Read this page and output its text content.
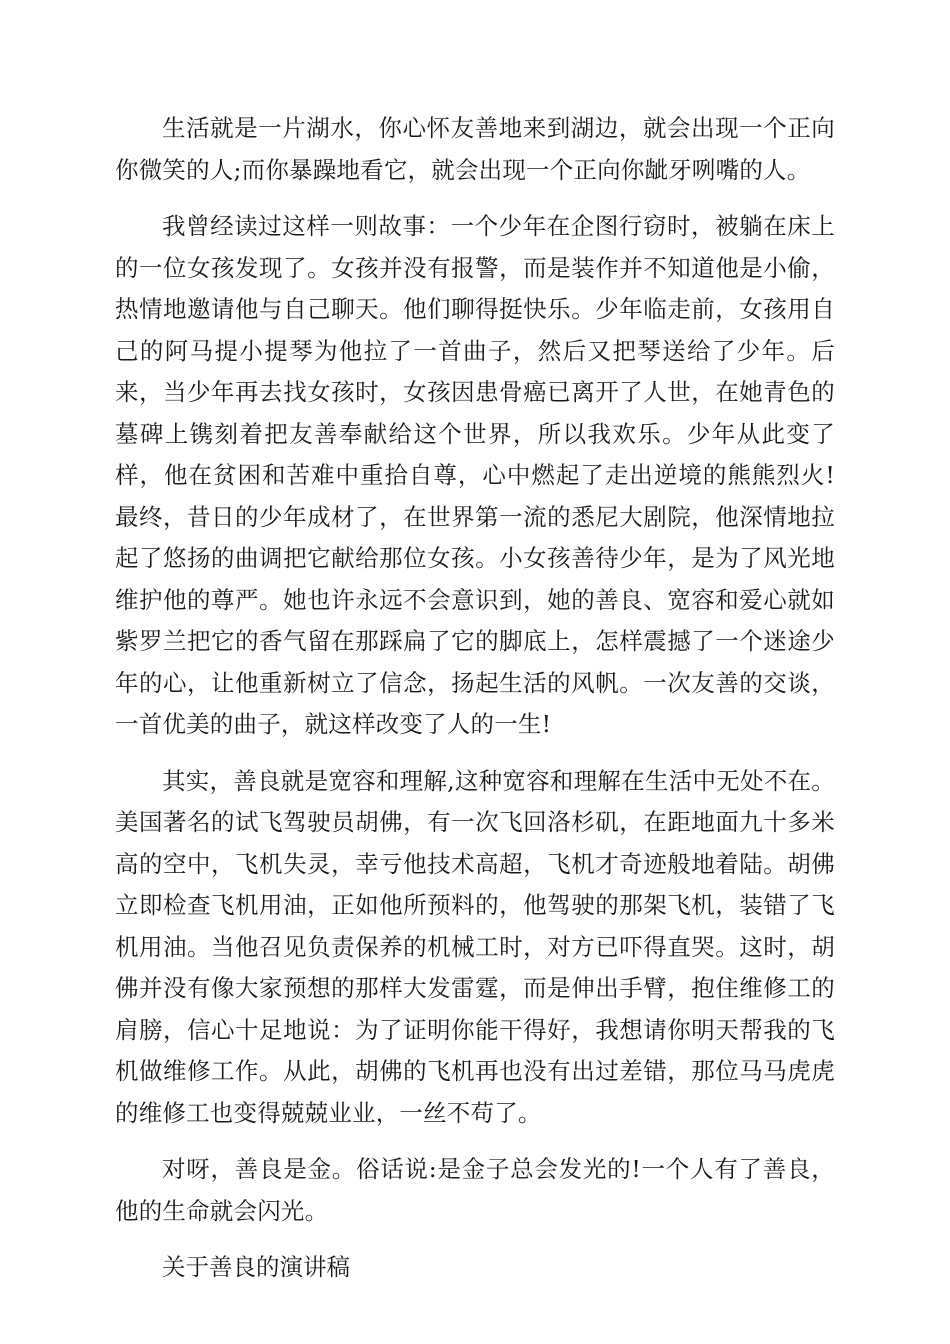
生活就是一片湖水，你心怀友善地来到湖边，就会出现一个正向你微笑的人;而你暴躁地看它，就会出现一个正向你龇牙咧嘴的人。

我曾经读过这样一则故事：一个少年在企图行窃时，被躺在床上的一位女孩发现了。女孩并没有报警，而是装作并不知道他是小偷，热情地邀请他与自己聊天。他们聊得挺快乐。少年临走前，女孩用自己的阿马提小提琴为他拉了一首曲子，然后又把琴送给了少年。后来，当少年再去找女孩时，女孩因患骨癌已离开了人世，在她青色的墓碑上镌刻着把友善奉献给这个世界，所以我欢乐。少年从此变了样，他在贫困和苦难中重拾自尊，心中燃起了走出逆境的熊熊烈火!最终，昔日的少年成材了，在世界第一流的悉尼大剧院，他深情地拉起了悠扬的曲调把它献给那位女孩。小女孩善待少年，是为了风光地维护他的尊严。她也许永远不会意识到，她的善良、宽容和爱心就如紫罗兰把它的香气留在那踩扁了它的脚底上，怎样震撼了一个迷途少年的心，让他重新树立了信念，扬起生活的风帆。一次友善的交谈，一首优美的曲子，就这样改变了人的一生!

其实，善良就是宽容和理解,这种宽容和理解在生活中无处不在。美国著名的试飞驾驶员胡佛，有一次飞回洛杉矶，在距地面九十多米高的空中，飞机失灵，幸亏他技术高超，飞机才奇迹般地着陆。胡佛立即检查飞机用油，正如他所预料的，他驾驶的那架飞机，装错了飞机用油。当他召见负责保养的机械工时，对方已吓得直哭。这时，胡佛并没有像大家预想的那样大发雷霆，而是伸出手臂，抱住维修工的肩膀，信心十足地说：为了证明你能干得好，我想请你明天帮我的飞机做维修工作。从此，胡佛的飞机再也没有出过差错，那位马马虎虎的维修工也变得兢兢业业，一丝不苟了。

对呀，善良是金。俗话说:是金子总会发光的!一个人有了善良，他的生命就会闪光。

关于善良的演讲稿
